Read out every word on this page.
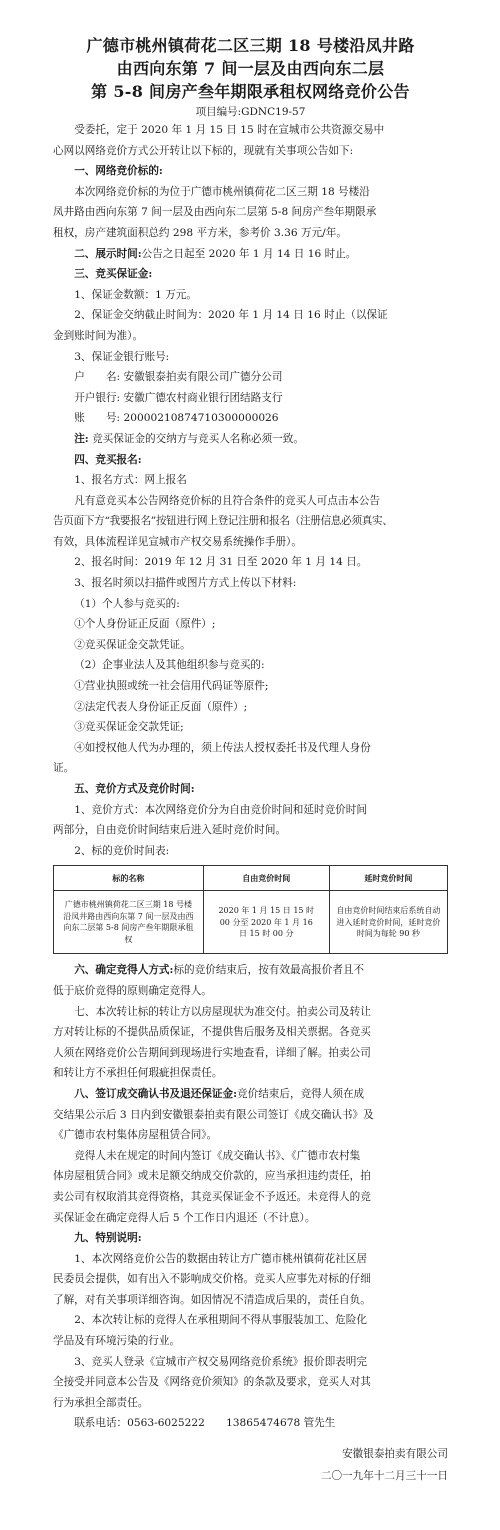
广德市桃州镇荷花二区三期 18 号楼沿凤井路
由西向东第 7 间一层及由西向东二层
第 5-8 间房产叁年期限承租权网络竞价公告
项目编号:GDNC19-57

受委托，定于 2020 年 1 月 15 日 15 时在宣城市公共资源交易中

心网以网络竞价方式公开转让以下标的，现就有关事项公告如下:

一、网络竞价标的:

本次网络竞价标的为位于广德市桃州镇荷花二区三期 18 号楼沿

凤井路由西向东第 7 间一层及由西向东二层第 5-8 间房产叁年期限承

租权，房产建筑面积总约 298 平方米，参考价 3.36 万元/年。

二、展示时间:公告之日起至 2020 年 1 月 14 日 16 时止。

三、竞买保证金:

1、保证金数额：1 万元。

2、保证金交纳截止时间为：2020 年 1 月 14 日 16 时止（以保证

金到账时间为准）。

3、保证金银行账号:

户　　名: 安徽银泰拍卖有限公司广德分公司

开户银行: 安徽广德农村商业银行团结路支行

账　　号: 20000210874710300000026

注: 竞买保证金的交纳方与竞买人名称必须一致。

四、竞买报名:

1、报名方式：网上报名

凡有意竞买本公告网络竞价标的且符合条件的竞买人可点击本公告

告页面下方“我要报名”按钮进行网上登记注册和报名（注册信息必须真实、

有效，具体流程详见宣城市产权交易系统操作手册）。

2、报名时间：2019 年 12 月 31 日至 2020 年 1 月 14 日。

3、报名时须以扫描件或图片方式上传以下材料:

（1）个人参与竞买的:

①个人身份证正反面（原件）;

②竞买保证金交款凭证。

（2）企事业法人及其他组织参与竞买的:

①营业执照或统一社会信用代码证等原件;

②法定代表人身份证正反面（原件）;

③竞买保证金交款凭证;

④如授权他人代为办理的，须上传法人授权委托书及代理人身份

证。

五、竞价方式及竞价时间:

1、竞价方式：本次网络竞价分为自由竞价时间和延时竞价时间

两部分，自由竞价时间结束后进入延时竞价时间。

2、标的竞价时间表:

标的名称	自由竞价时间	延时竞价时间
广德市桃州镇荷花二区三期 18 号楼沿凤井路由西向东第 7 间一层及由西向东二层第 5-8 间房产叁年期限承租权	2020 年 1 月 15 日 15 时 00 分至 2020 年 1 月 16 日 15 时 00 分	自由竞价时间结束后系统自动进入延时竞价时间，延时竞价时间为每轮 90 秒

六、确定竞得人方式:标的竞价结束后，按有效最高报价者且不

低于底价竞得的原则确定竞得人。

七、本次转让标的转让方以房屋现状为准交付。拍卖公司及转让

方对转让标的不提供品质保证，不提供售后服务及相关票据。各竞买

人须在网络竞价公告期间到现场进行实地查看，详细了解。拍卖公司

和转让方不承担任何瑕疵担保责任。

八、签订成交确认书及退还保证金:竞价结束后，竞得人须在成

交结果公示后 3 日内到安徽银泰拍卖有限公司签订《成交确认书》及

《广德市农村集体房屋租赁合同》。

竞得人未在规定的时间内签订《成交确认书》、《广德市农村集

体房屋租赁合同》或未足额交纳成交价款的，应当承担违约责任，拍

卖公司有权取消其竞得资格，其竞买保证金不予返还。未竞得人的竞

买保证金在确定竞得人后 5 个工作日内退还（不计息）。

九、特别说明:

1、本次网络竞价公告的数据由转让方广德市桃州镇荷花社区居

民委员会提供，如有出入不影响成交价格。竞买人应事先对标的仔细

了解，对有关事项详细咨询。如因情况不清造成后果的，责任自负。

2、本次转让标的竞得人在承租期间不得从事服装加工、危险化

学品及有环境污染的行业。

3、竞买人登录《宣城市产权交易网络竞价系统》报价即表明完

全接受并同意本公告及《网络竞价须知》的条款及要求，竞买人对其

行为承担全部责任。

联系电话：0563-6025222　　13865474678 管先生

安徽银泰拍卖有限公司
二〇一九年十二月三十一日
